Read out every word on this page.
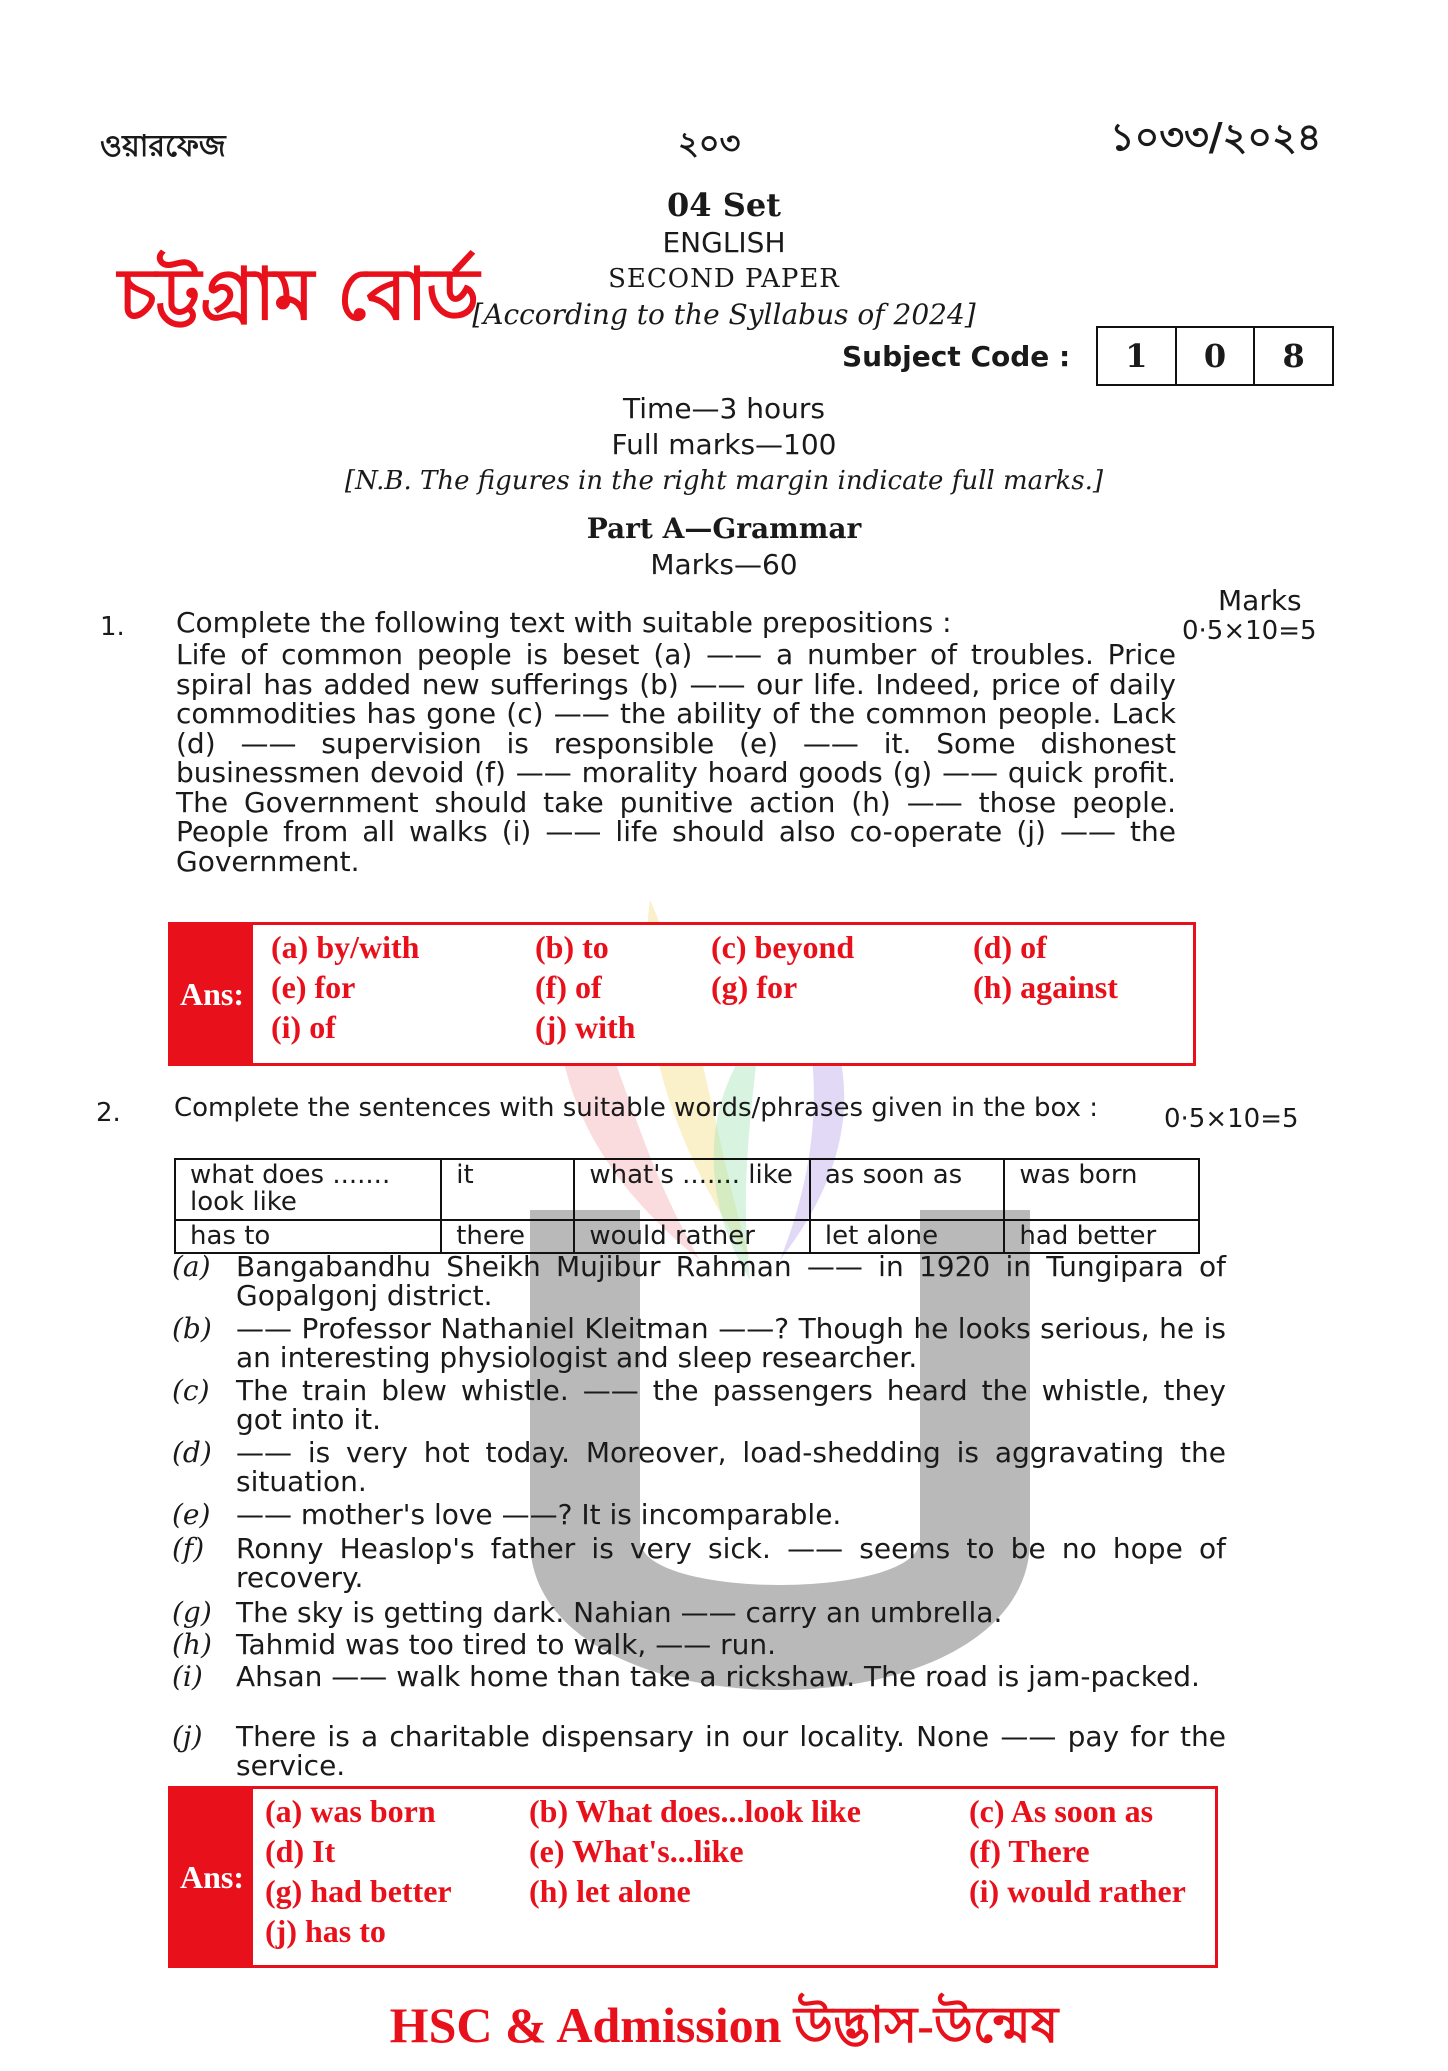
ওয়ারফেজ	২০৩	১০৩৩/২০২৪
চট্টগ্রাম বোর্ড
04 Set
ENGLISH
SECOND PAPER
[According to the Syllabus of 2024]
Subject Code :	1	0	8
Time—3 hours
Full marks—100
[N.B. The figures in the right margin indicate full marks.]
Part A—Grammar
Marks—60
Marks
1. Complete the following text with suitable prepositions :	0·5×10=5
Life of common people is beset (a) —— a number of troubles. Price spiral has added new sufferings (b) —— our life. Indeed, price of daily commodities has gone (c) —— the ability of the common people. Lack (d) —— supervision is responsible (e) —— it. Some dishonest businessmen devoid (f) —— morality hoard goods (g) —— quick profit. The Government should take punitive action (h) —— those people. People from all walks (i) —— life should also co-operate (j) —— the Government.
Ans:
(a) by/with	(b) to	(c) beyond	(d) of
(e) for	(f) of	(g) for	(h) against
(i) of	(j) with
2. Complete the sentences with suitable words/phrases given in the box :	0·5×10=5
what does ....... look like	it	what's ....... like	as soon as	was born
has to	there	would rather	let alone	had better
(a) Bangabandhu Sheikh Mujibur Rahman —— in 1920 in Tungipara of Gopalgonj district.
(b) —— Professor Nathaniel Kleitman ——? Though he looks serious, he is an interesting physiologist and sleep researcher.
(c) The train blew whistle. —— the passengers heard the whistle, they got into it.
(d) —— is very hot today. Moreover, load-shedding is aggravating the situation.
(e) —— mother's love ——? It is incomparable.
(f) Ronny Heaslop's father is very sick. —— seems to be no hope of recovery.
(g) The sky is getting dark. Nahian —— carry an umbrella.
(h) Tahmid was too tired to walk, —— run.
(i) Ahsan —— walk home than take a rickshaw. The road is jam-packed.
(j) There is a charitable dispensary in our locality. None —— pay for the service.
Ans:
(a) was born	(b) What does...look like	(c) As soon as
(d) It	(e) What's...like	(f) There
(g) had better (h) let alone	(i) would rather
(j) has to
HSC & Admission উদ্ভাস-উন্মেষ
